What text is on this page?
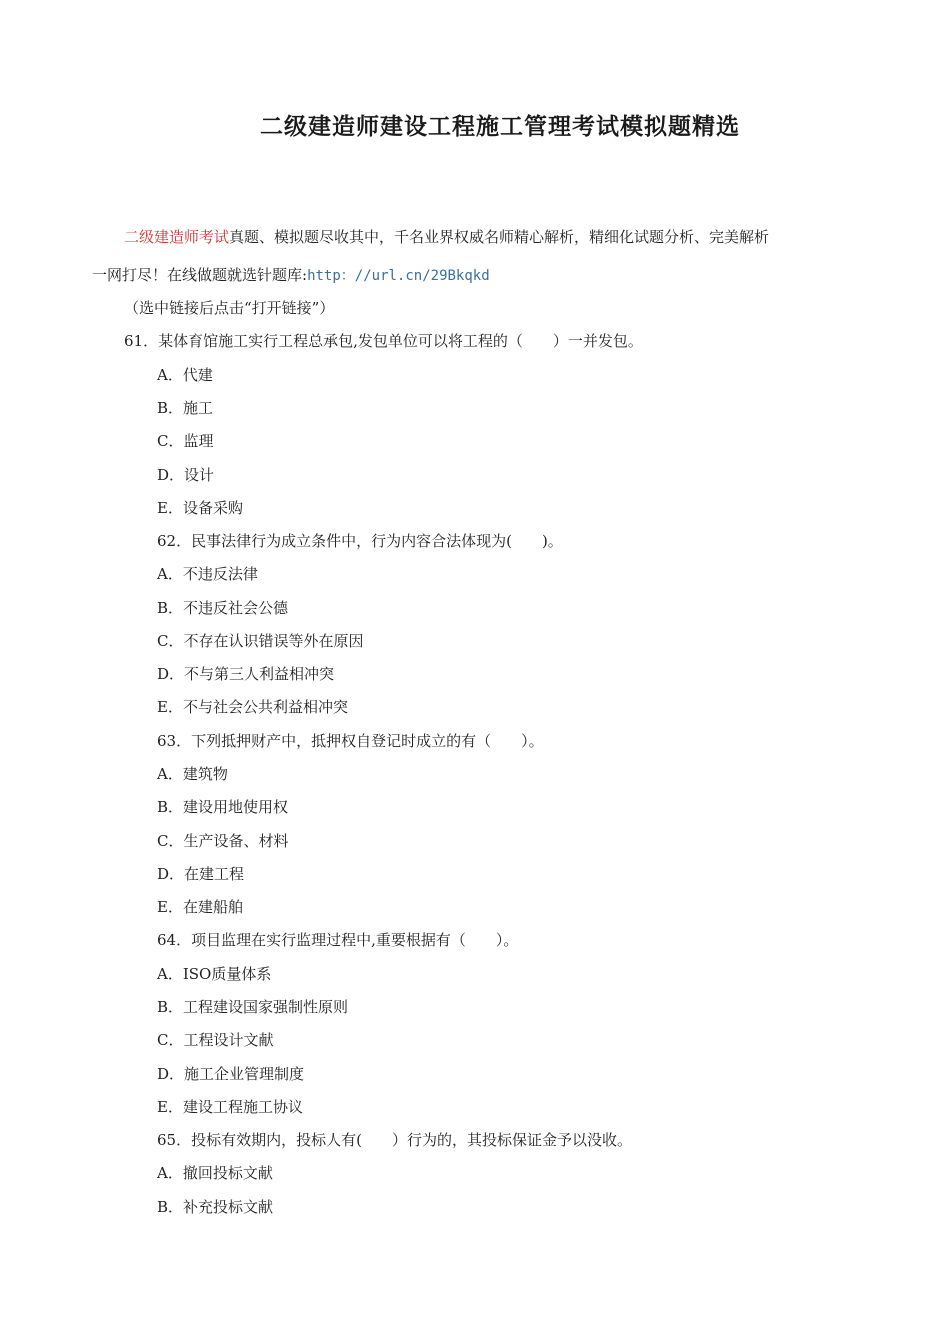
二级建造师建设工程施工管理考试模拟题精选
二级建造师考试真题、模拟题尽收其中，千名业界权威名师精心解析，精细化试题分析、完美解析
一网打尽！在线做题就选针题库:http：//url.cn/29Bkqkd
（选中链接后点击“打开链接”）
61．某体育馆施工实行工程总承包,发包单位可以将工程的（　　）一并发包。
A．代建
B．施工
C．监理
D．设计
E．设备采购
62．民事法律行为成立条件中，行为内容合法体现为(　　)。
A．不违反法律
B．不违反社会公德
C．不存在认识错误等外在原因
D．不与第三人利益相冲突
E．不与社会公共利益相冲突
63．下列抵押财产中，抵押权自登记时成立的有（　　）。
A．建筑物
B．建设用地使用权
C．生产设备、材料
D．在建工程
E．在建船舶
64．项目监理在实行监理过程中,重要根据有（　　）。
A．ISO质量体系
B．工程建设国家强制性原则
C．工程设计文献
D．施工企业管理制度
E．建设工程施工协议
65．投标有效期内，投标人有(　　）行为的，其投标保证金予以没收。
A．撤回投标文献
B．补充投标文献
